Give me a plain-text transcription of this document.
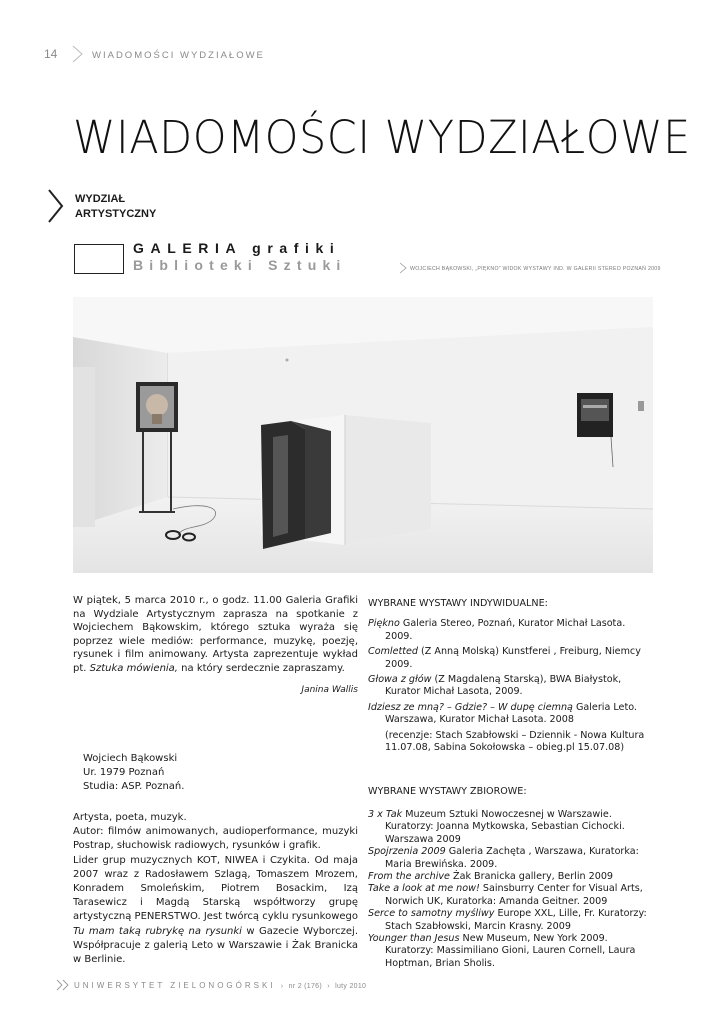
14	WIADOMOŚCI WYDZIAŁOWE
WIADOMOŚCI WYDZIAŁOWE
WYDZIAŁ
ARTYSTYCZNY
GALERIA grafiki
Biblioteki Sztuki	WOJCIECH BĄKOWSKI, „PIĘKNO” WIDOK WYSTAWY IND. W GALERII STEREO POZNAŃ 2009
W piątek, 5 marca 2010 r., o godz. 11.00 Galeria Grafiki na Wydziale Artystycznym zaprasza na spotkanie z Wojciechem Bąkowskim, którego sztuka wyraża się poprzez wiele mediów: performance, muzykę, poezję, rysunek i film animowany. Artysta zaprezentuje wykład pt. Sztuka mówienia, na który serdecznie zapraszamy.
Janina Wallis
Wojciech Bąkowski
Ur. 1979 Poznań
Studia: ASP. Poznań.
Artysta, poeta, muzyk.
Autor: filmów animowanych, audioperformance, muzyki Postrap, słuchowisk radiowych, rysunków i grafik.
Lider grup muzycznych KOT, NIWEA i Czykita. Od maja 2007 wraz z Radosławem Szlagą, Tomaszem Mrozem, Konradem Smoleńskim, Piotrem Bosackim, Izą Tarasewicz i Magdą Starską współtworzy grupę artystyczną PENERSTWO. Jest twórcą cyklu rysunkowego Tu mam taką rubrykę na rysunki w Gazecie Wyborczej. Współpracuje z galerią Leto w Warszawie i Żak Branicka w Berlinie.
WYBRANE WYSTAWY INDYWIDUALNE:
Piękno Galeria Stereo, Poznań, Kurator Michał Lasota. 2009.
Comletted (Z Anną Molską) Kunstferei , Freiburg, Niemcy 2009.
Głowa z głów (Z Magdaleną Starską), BWA Białystok, Kurator Michał Lasota, 2009.
Idziesz ze mną? – Gdzie? – W dupę ciemną Galeria Leto. Warszawa, Kurator Michał Lasota. 2008
(recenzje: Stach Szabłowski – Dziennik - Nowa Kultura 11.07.08, Sabina Sokołowska – obieg.pl 15.07.08)
WYBRANE WYSTAWY ZBIOROWE:
3 x Tak Muzeum Sztuki Nowoczesnej w Warszawie. Kuratorzy: Joanna Mytkowska, Sebastian Cichocki. Warszawa 2009
Spojrzenia 2009 Galeria Zachęta , Warszawa, Kuratorka: Maria Brewińska. 2009.
From the archive Żak Branicka gallery, Berlin 2009
Take a look at me now! Sainsburry Center for Visual Arts, Norwich UK, Kuratorka: Amanda Geitner. 2009
Serce to samotny myśliwy Europe XXL, Lille, Fr. Kuratorzy: Stach Szabłowski, Marcin Krasny. 2009
Younger than Jesus New Museum, New York 2009. Kuratorzy: Massimiliano Gioni, Lauren Cornell, Laura Hoptman, Brian Sholis.
UNIWERSYTET ZIELONOGÓRSKI › nr 2 (176) › luty 2010
